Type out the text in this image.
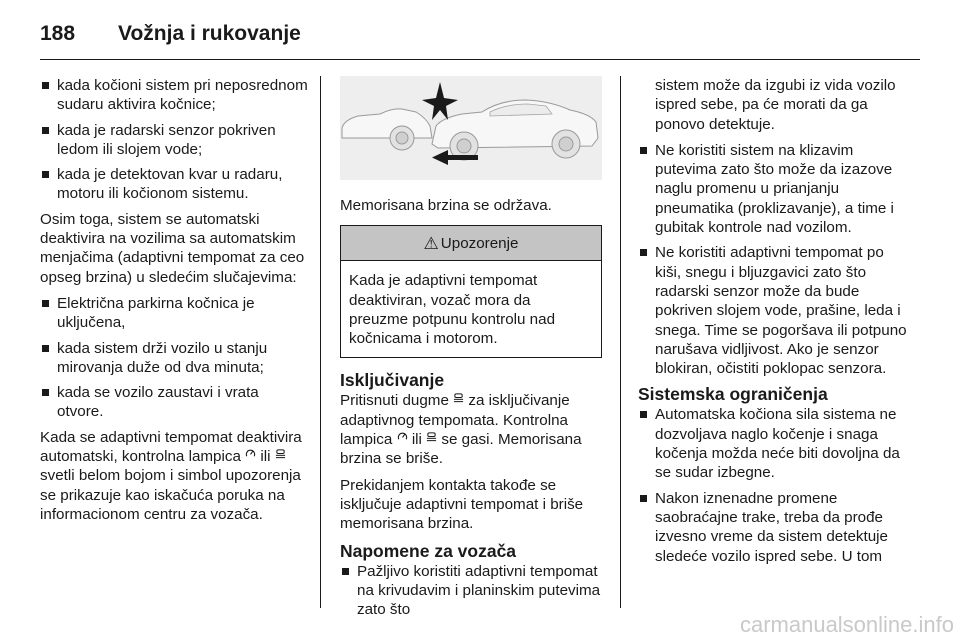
188	Vožnja i rukovanje
kada kočioni sistem pri neposrednom sudaru aktivira kočnice;
kada je radarski senzor pokriven ledom ili slojem vode;
kada je detektovan kvar u radaru, motoru ili kočionom sistemu.

Osim toga, sistem se automatski deaktivira na vozilima sa automatskim menjačima (adaptivni tempomat za ceo opseg brzina) u sledećim slučajevima:

Električna parkirna kočnica je uključena,
kada sistem drži vozilo u stanju mirovanja duže od dva minuta;
kada se vozilo zaustavi i vrata otvore.

Kada se adaptivni tempomat deaktivira automatski, kontrolna lampica ili  svetli belom bojom i simbol upozorenja se prikazuje kao iskačuća poruka na informacionom centru za vozača.

Memorisana brzina se održava.

⚠ Upozorenje
Kada je adaptivni tempomat deaktiviran, vozač mora da preuzme potpunu kontrolu nad kočnicama i motorom.
Isključivanje

Pritisnuti dugme za isključivanje adaptivnog tempomata. Kontrolna lampica ili se gasi. Memorisana brzina se briše.

Prekidanjem kontakta takođe se isključuje adaptivni tempomat i briše memorisana brzina.

Napomene za vozača
Pažljivo koristiti adaptivni tempomat na krivudavim i planinskim putevima zato što

sistem može da izgubi iz vida vozilo ispred sebe, pa će morati da ga ponovo detektuje.

Ne koristiti sistem na klizavim putevima zato što može da izazove naglu promenu u prianjanju pneumatika (proklizavanje), a time i gubitak kontrole nad vozilom.
Ne koristiti adaptivni tempomat po kiši, snegu i bljuzgavici zato što radarski senzor može da bude pokriven slojem vode, prašine, leda i snega. Time se pogoršava ili potpuno narušava vidljivost. Ako je senzor blokiran, očistiti poklopac senzora.
Sistemska ograničenja
Automatska kočiona sila sistema ne dozvoljava naglo kočenje i snaga kočenja možda neće biti dovoljna da se sudar izbegne.
Nakon iznenadne promene saobraćajne trake, treba da prođe izvesno vreme da sistem detektuje sledeće vozilo ispred sebe. U tom
carmanualsonline.info
